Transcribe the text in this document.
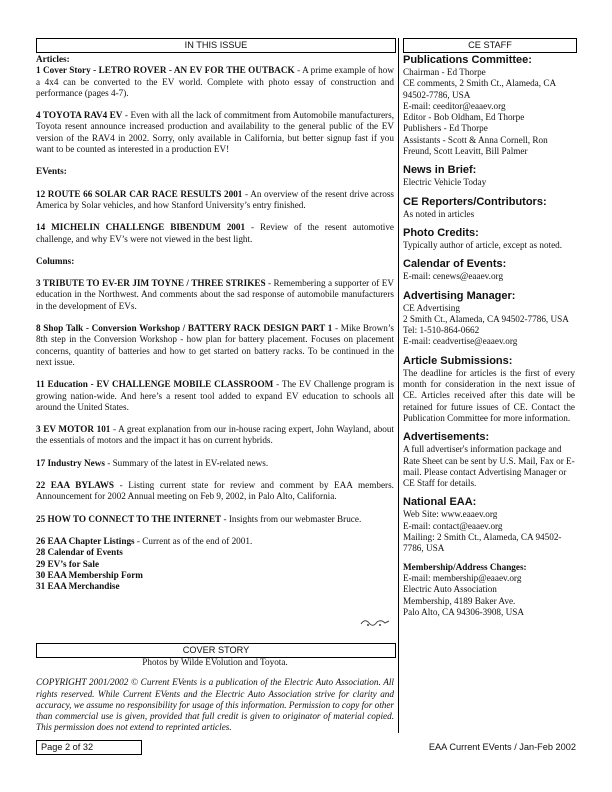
IN THIS ISSUE	CE STAFF

Articles:

1 Cover Story - LETRO ROVER - AN EV FOR THE OUTBACK - A prime example of how a 4x4 can be converted to the EV world. Complete with photo essay of construction and performance (pages 4-7).

4 TOYOTA RAV4 EV - Even with all the lack of commitment from Automobile manufacturers, Toyota resent announce increased production and availability to the general public of the EV version of the RAV4 in 2002. Sorry, only available in California, but better signup fast if you want to be counted as interested in a production EV!

EVents:

12 ROUTE 66 SOLAR CAR RACE RESULTS 2001 - An overview of the resent drive across America by Solar vehicles, and how Stanford University’s entry finished.

14 MICHELIN CHALLENGE BIBENDUM 2001 - Review of the resent automotive challenge, and why EV’s were not viewed in the best light.

Columns:

3 TRIBUTE TO EV-ER JIM TOYNE / THREE STRIKES - Remembering a supporter of EV education in the Northwest. And comments about the sad response of automobile manufacturers in the development of EVs.

8 Shop Talk - Conversion Workshop / BATTERY RACK DESIGN PART 1 - Mike Brown’s 8th step in the Conversion Workshop - how plan for battery placement. Focuses on placement concerns, quantity of batteries and how to get started on battery racks. To be continued in the next issue.

11 Education - EV CHALLENGE MOBILE CLASSROOM - The EV Challenge program is growing nation-wide. And here’s a resent tool added to expand EV education to schools all around the United States.

3 EV MOTOR 101 - A great explanation from our in-house racing expert, John Wayland, about the essentials of motors and the impact it has on current hybrids.

17 Industry News - Summary of the latest in EV-related news.

22 EAA BYLAWS - Listing current state for review and comment by EAA members. Announcement for 2002 Annual meeting on Feb 9, 2002, in Palo Alto, California.

25 HOW TO CONNECT TO THE INTERNET - Insights from our webmaster Bruce.

26 EAA Chapter Listings - Current as of the end of 2001.

28 Calendar of Events

29 EV’s for Sale

30 EAA Membership Form

31 EAA Merchandise

COVER STORY

Photos by Wilde EVolution and Toyota.

COPYRIGHT 2001/2002 © Current EVents is a publication of the Electric Auto Association. All rights reserved. While Current EVents and the Electric Auto Association strive for clarity and accuracy, we assume no responsibility for usage of this information. Permission to copy for other than commercial use is given, provided that full credit is given to originator of material copied. This permission does not extend to reprinted articles.

Publications Committee:

Chairman - Ed Thorpe

CE comments, 2 Smith Ct., Alameda, CA 94502-7786, USA

E-mail: ceeditor@eaaev.org

Editor - Bob Oldham, Ed Thorpe

Publishers - Ed Thorpe

Assistants - Scott & Anna Cornell, Ron Freund, Scott Leavitt, Bill Palmer

News in Brief:

Electric Vehicle Today

CE Reporters/Contributors:

As noted in articles

Photo Credits:

Typically author of article, except as noted.

Calendar of Events:

E-mail: cenews@eaaev.org

Advertising Manager:

CE Advertising

2 Smith Ct., Alameda, CA 94502-7786, USA

Tel: 1-510-864-0662

E-mail: ceadvertise@eaaev.org

Article Submissions:

The deadline for articles is the first of every month for consideration in the next issue of CE. Articles received after this date will be retained for future issues of CE. Contact the Publication Committee for more information.

Advertisements:

A full advertiser's information package and Rate Sheet can be sent by U.S. Mail, Fax or E-mail. Please contact Advertising Manager or CE Staff for details.

National EAA:

Web Site: www.eaaev.org

E-mail: contact@eaaev.org

Mailing: 2 Smith Ct., Alameda, CA 94502-7786, USA

Membership/Address Changes:

E-mail: membership@eaaev.org

Electric Auto Association

Membership, 4189 Baker Ave.

Palo Alto, CA 94306-3908, USA

Page 2 of 32	EAA Current EVents / Jan-Feb 2002
